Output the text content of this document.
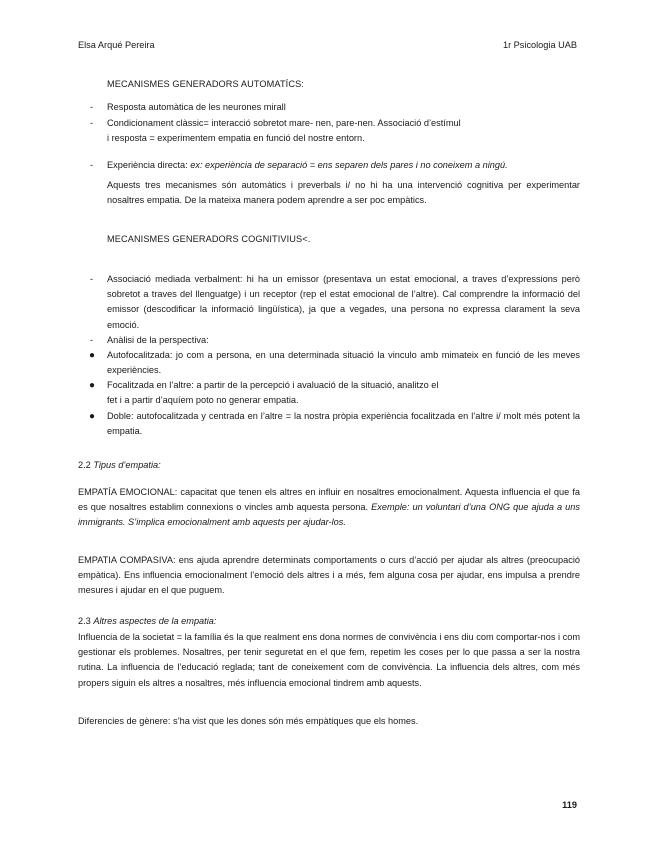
Elsa Arqué Pereira	1r Psicologia UAB
MECANISMES GENERADORS AUTOMATÍCS:
- Resposta automàtica de les neurones mirall
- Condicionament clàssic= interacció sobretot mare- nen, pare-nen. Associació d’estímul
i resposta = experimentem empatia en funció del nostre entorn.
- Experiència directa: ex: experiència de separació = ens separen dels pares i no coneixem a ningú.
Aquests tres mecanismes són automàtics i preverbals i/ no hi ha una intervenció cognitiva per experimentar nosaltres empatia. De la mateixa manera podem aprendre a ser poc empàtics.
MECANISMES GENERADORS COGNITIVIUS<.
- Associació mediada verbalment: hi ha un emissor (presentava un estat emocional, a traves d’expressions però sobretot a traves del llenguatge) i un receptor (rep el estat emocional de l’altre). Cal comprendre la informació del emissor (descodificar la informació lingüística), ja que a vegades, una persona no expressa clarament la seva emoció.
- Anàlisi de la perspectiva:
● Autofocalitzada: jo com a persona, en una determinada situació la vinculo amb mimateix en funció de les meves experiències.
● Focalitzada en l’altre: a partir de la percepció i avaluació de la situació, analitzo el
fet i a partir d’aquíem poto no generar empatia.
● Doble: autofocalitzada y centrada en l’altre = la nostra pròpia experiència focalitzada en l’altre i/ molt més potent la empatia.
2.2 Tipus d’empatia:
EMPATÍA EMOCIONAL: capacitat que tenen els altres en influir en nosaltres emocionalment. Aquesta influencia el que fa es que nosaltres establim connexions o vincles amb aquesta persona. Exemple: un voluntari d’una ONG que ajuda a uns immigrants. S’implica emocionalment amb aquests per ajudar-los.
EMPATIA COMPASIVA: ens ajuda aprendre determinats comportaments o curs d’acció per ajudar als altres (preocupació empàtica). Ens influencia emocionalment l’emoció dels altres i a més, fem alguna cosa per ajudar, ens impulsa a prendre mesures i ajudar en el que puguem.
2.3 Altres aspectes de la empatia:
Influencia de la societat = la família és la que realment ens dona normes de convivència i ens diu com comportar-nos i com gestionar els problemes. Nosaltres, per tenir seguretat en el que fem, repetim les coses per lo que passa a ser la nostra rutina. La influencia de l’educació reglada; tant de coneixement com de convivència. La influencia dels altres, com més propers siguin els altres a nosaltres, més influencia emocional tindrem amb aquests.
Diferencies de gènere: s’ha vist que les dones són més empàtiques que els homes.
119
